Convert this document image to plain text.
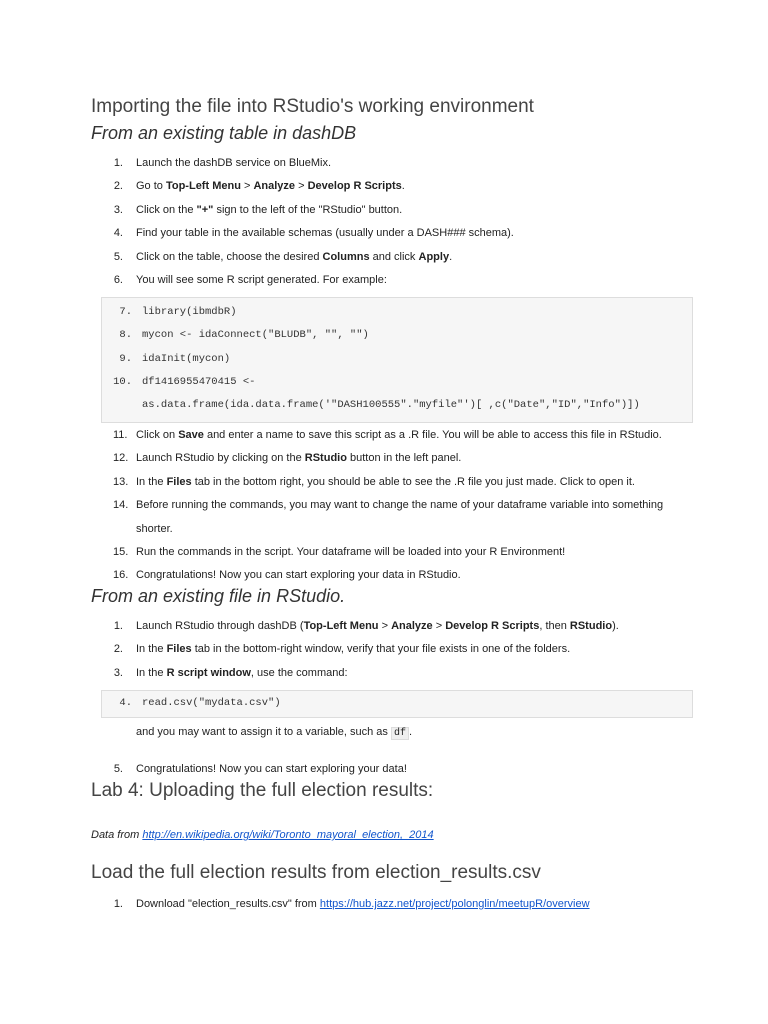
Importing the file into RStudio's working environment
From an existing table in dashDB
1. Launch the dashDB service on BlueMix.
2. Go to Top-Left Menu > Analyze > Develop R Scripts.
3. Click on the "+" sign to the left of the "RStudio" button.
4. Find your table in the available schemas (usually under a DASH### schema).
5. Click on the table, choose the desired Columns and click Apply.
6. You will see some R script generated. For example:
7. library(ibmdbR)
8. mycon <- idaConnect("BLUDB", "", "")
9. idaInit(mycon)
10. df1416955470415 <-
as.data.frame(ida.data.frame('"DASH100555"."myfile"')[ ,c("Date","ID","Info")])
11. Click on Save and enter a name to save this script as a .R file. You will be able to access this file in RStudio.
12. Launch RStudio by clicking on the RStudio button in the left panel.
13. In the Files tab in the bottom right, you should be able to see the .R file you just made. Click to open it.
14. Before running the commands, you may want to change the name of your dataframe variable into something
shorter.
15. Run the commands in the script. Your dataframe will be loaded into your R Environment!
16. Congratulations! Now you can start exploring your data in RStudio.
From an existing file in RStudio.
1. Launch RStudio through dashDB (Top-Left Menu > Analyze > Develop R Scripts, then RStudio).
2. In the Files tab in the bottom-right window, verify that your file exists in one of the folders.
3. In the R script window, use the command:
4. read.csv("mydata.csv")
and you may want to assign it to a variable, such as df .
5. Congratulations! Now you can start exploring your data!
Lab 4: Uploading the full election results:
Data from http://en.wikipedia.org/wiki/Toronto_mayoral_election,_2014
Load the full election results from election_results.csv
1. Download "election_results.csv" from https://hub.jazz.net/project/polonglin/meetupR/overview
